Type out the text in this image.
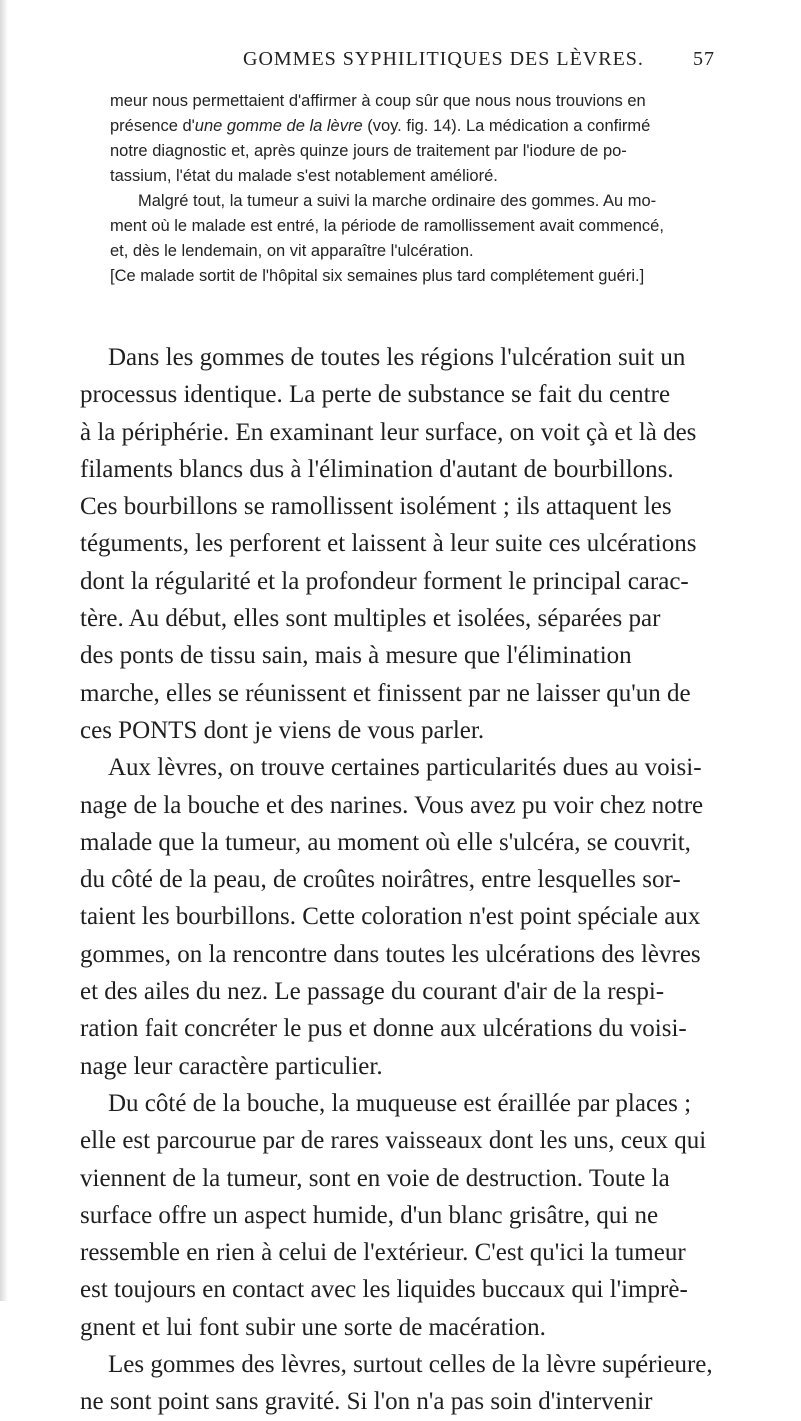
GOMMES SYPHILITIQUES DES LÈVRES. 57
meur nous permettaient d'affirmer à coup sûr que nous nous trouvions en
présence d'une gomme de la lèvre (voy. fig. 14). La médication a confirmé
notre diagnostic et, après quinze jours de traitement par l'iodure de po-
tassium, l'état du malade s'est notablement amélioré.
Malgré tout, la tumeur a suivi la marche ordinaire des gommes. Au mo-
ment où le malade est entré, la période de ramollissement avait commencé,
et, dès le lendemain, on vit apparaître l'ulcération.
[Ce malade sortit de l'hôpital six semaines plus tard complétement guéri.]
Dans les gommes de toutes les régions l'ulcération suit un
processus identique. La perte de substance se fait du centre
à la périphérie. En examinant leur surface, on voit çà et là des
filaments blancs dus à l'élimination d'autant de bourbillons.
Ces bourbillons se ramollissent isolément ; ils attaquent les
téguments, les perforent et laissent à leur suite ces ulcérations
dont la régularité et la profondeur forment le principal carac-
tère. Au début, elles sont multiples et isolées, séparées par
des ponts de tissu sain, mais à mesure que l'élimination
marche, elles se réunissent et finissent par ne laisser qu'un de
ces PONTS dont je viens de vous parler.
Aux lèvres, on trouve certaines particularités dues au voisi-
nage de la bouche et des narines. Vous avez pu voir chez notre
malade que la tumeur, au moment où elle s'ulcéra, se couvrit,
du côté de la peau, de croûtes noirâtres, entre lesquelles sor-
taient les bourbillons. Cette coloration n'est point spéciale aux
gommes, on la rencontre dans toutes les ulcérations des lèvres
et des ailes du nez. Le passage du courant d'air de la respi-
ration fait concréter le pus et donne aux ulcérations du voisi-
nage leur caractère particulier.
Du côté de la bouche, la muqueuse est éraillée par places ;
elle est parcourue par de rares vaisseaux dont les uns, ceux qui
viennent de la tumeur, sont en voie de destruction. Toute la
surface offre un aspect humide, d'un blanc grisâtre, qui ne
ressemble en rien à celui de l'extérieur. C'est qu'ici la tumeur
est toujours en contact avec les liquides buccaux qui l'imprè-
gnent et lui font subir une sorte de macération.
Les gommes des lèvres, surtout celles de la lèvre supérieure,
ne sont point sans gravité. Si l'on n'a pas soin d'intervenir
